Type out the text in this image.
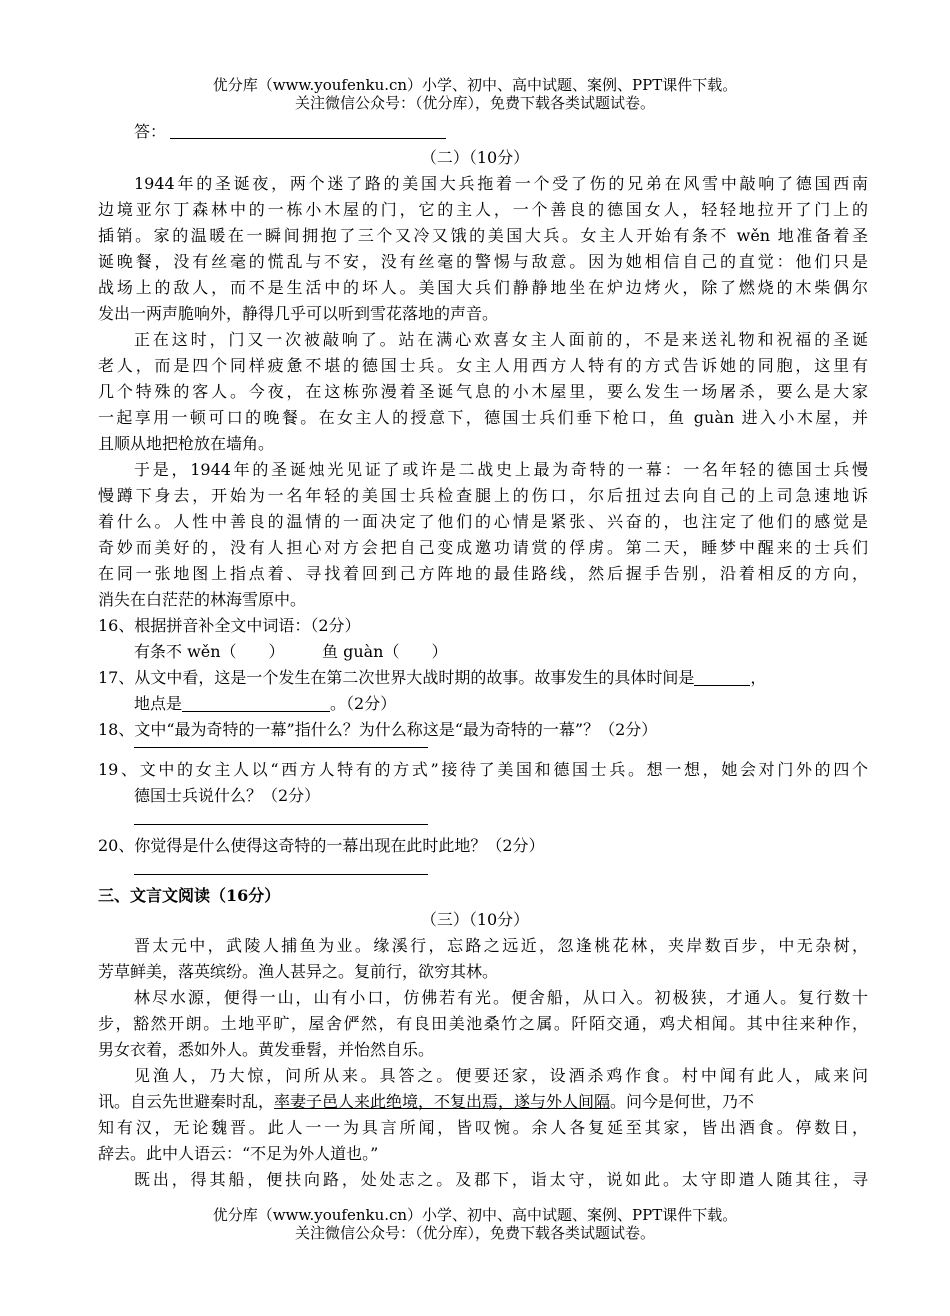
优分库（www.youfenku.cn）小学、初中、高中试题、案例、PPT课件下载。
关注微信公众号：（优分库），免费下载各类试题试卷。
答：
（二）（10分）
1944年的圣诞夜，两个迷了路的美国大兵拖着一个受了伤的兄弟在风雪中敲响了德国西南
边境亚尔丁森林中的一栋小木屋的门，它的主人，一个善良的德国女人，轻轻地拉开了门上的
插销。家的温暖在一瞬间拥抱了三个又冷又饿的美国大兵。女主人开始有条不 wěn 地准备着圣
诞晚餐，没有丝毫的慌乱与不安，没有丝毫的警惕与敌意。因为她相信自己的直觉：他们只是
战场上的敌人，而不是生活中的坏人。美国大兵们静静地坐在炉边烤火，除了燃烧的木柴偶尔
发出一两声脆响外，静得几乎可以听到雪花落地的声音。
正在这时，门又一次被敲响了。站在满心欢喜女主人面前的，不是来送礼物和祝福的圣诞
老人，而是四个同样疲惫不堪的德国士兵。女主人用西方人特有的方式告诉她的同胞，这里有
几个特殊的客人。今夜，在这栋弥漫着圣诞气息的小木屋里，要么发生一场屠杀，要么是大家
一起享用一顿可口的晚餐。在女主人的授意下，德国士兵们垂下枪口，鱼 guàn 进入小木屋，并
且顺从地把枪放在墙角。
于是，1944年的圣诞烛光见证了或许是二战史上最为奇特的一幕：一名年轻的德国士兵慢
慢蹲下身去，开始为一名年轻的美国士兵检查腿上的伤口，尔后扭过去向自己的上司急速地诉
着什么。人性中善良的温情的一面决定了他们的心情是紧张、兴奋的，也注定了他们的感觉是
奇妙而美好的，没有人担心对方会把自己变成邀功请赏的俘虏。第二天，睡梦中醒来的士兵们
在同一张地图上指点着、寻找着回到己方阵地的最佳路线，然后握手告别，沿着相反的方向，
消失在白茫茫的林海雪原中。
16、根据拼音补全文中词语：（2分）
有条不 wěn（　　） 鱼 guàn（　　）
17、从文中看，这是一个发生在第二次世界大战时期的故事。故事发生的具体时间是	，
地点是	。（2分）
18、文中“最为奇特的一幕”指什么？为什么称这是“最为奇特的一幕”？（2分）
19、文中的女主人以“西方人特有的方式”接待了美国和德国士兵。想一想，她会对门外的四个
德国士兵说什么？（2分）
20、你觉得是什么使得这奇特的一幕出现在此时此地？（2分）
三、文言文阅读（16分）
（三）（10分）
晋太元中，武陵人捕鱼为业。缘溪行，忘路之远近，忽逢桃花林，夹岸数百步，中无杂树，
芳草鲜美，落英缤纷。渔人甚异之。复前行，欲穷其林。
林尽水源，便得一山，山有小口，仿佛若有光。便舍船，从口入。初极狭，才通人。复行数十
步，豁然开朗。土地平旷，屋舍俨然，有良田美池桑竹之属。阡陌交通，鸡犬相闻。其中往来种作，
男女衣着，悉如外人。黄发垂髫，并怡然自乐。
见渔人，乃大惊，问所从来。具答之。便要还家，设酒杀鸡作食。村中闻有此人，咸来问
讯。自云先世避秦时乱，率妻子邑人来此绝境，不复出焉，遂与外人间隔。问今是何世，乃不
知有汉，无论魏晋。此人一一为具言所闻，皆叹惋。余人各复延至其家，皆出酒食。停数日，
辞去。此中人语云：“不足为外人道也。”
既出，得其船，便扶向路，处处志之。及郡下，诣太守，说如此。太守即遣人随其往，寻
优分库（www.youfenku.cn）小学、初中、高中试题、案例、PPT课件下载。
关注微信公众号：（优分库），免费下载各类试题试卷。
